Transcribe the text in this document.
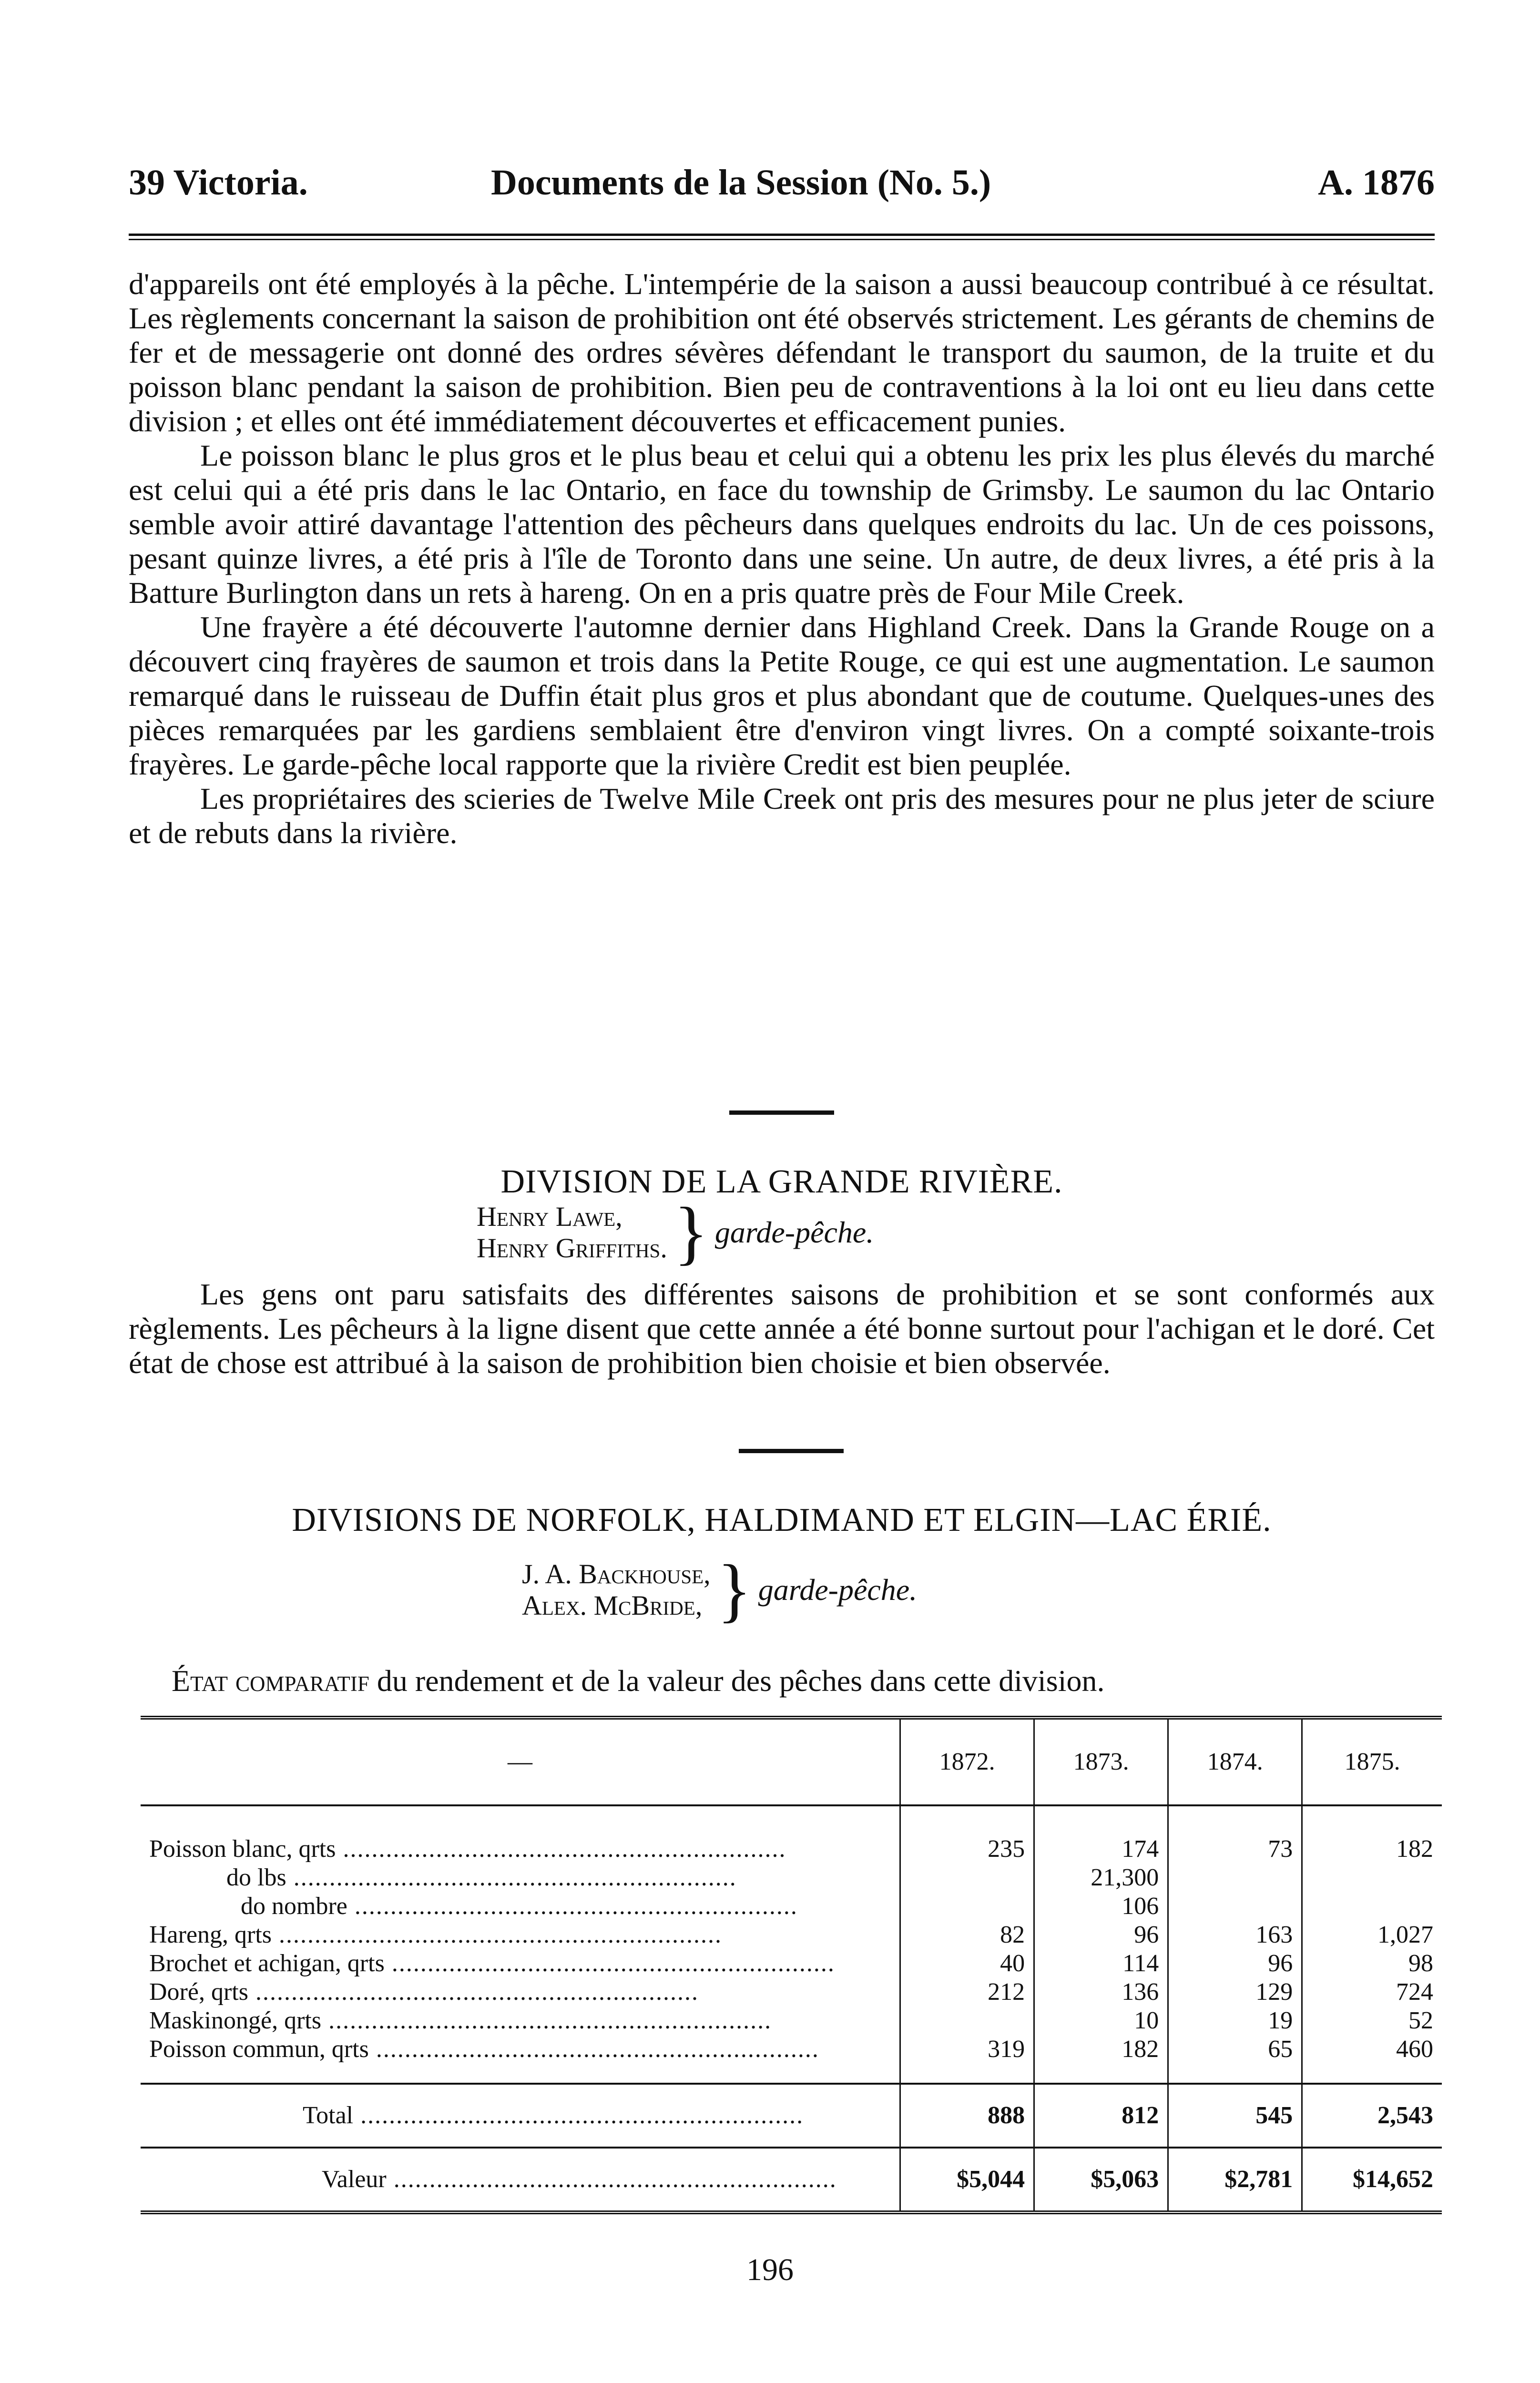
39 Victoria.	Documents de la Session (No. 5.)	A. 1876

d'appareils ont été employés à la pêche. L'intempérie de la saison a aussi beaucoup contribué à ce résultat. Les règlements concernant la saison de prohibition ont été observés strictement. Les gérants de chemins de fer et de messagerie ont donné des ordres sévères défendant le transport du saumon, de la truite et du poisson blanc pendant la saison de prohibition. Bien peu de contraventions à la loi ont eu lieu dans cette division ; et elles ont été immédiatement découvertes et efficacement punies.

Le poisson blanc le plus gros et le plus beau et celui qui a obtenu les prix les plus élevés du marché est celui qui a été pris dans le lac Ontario, en face du township de Grimsby. Le saumon du lac Ontario semble avoir attiré davantage l'attention des pêcheurs dans quelques endroits du lac. Un de ces poissons, pesant quinze livres, a été pris à l'île de Toronto dans une seine. Un autre, de deux livres, a été pris à la Batture Burlington dans un rets à hareng. On en a pris quatre près de Four Mile Creek.

Une frayère a été découverte l'automne dernier dans Highland Creek. Dans la Grande Rouge on a découvert cinq frayères de saumon et trois dans la Petite Rouge, ce qui est une augmentation. Le saumon remarqué dans le ruisseau de Duffin était plus gros et plus abondant que de coutume. Quelques-unes des pièces remarquées par les gardiens semblaient être d'environ vingt livres. On a compté soixante-trois frayères. Le garde-pêche local rapporte que la rivière Credit est bien peuplée.

Les propriétaires des scieries de Twelve Mile Creek ont pris des mesures pour ne plus jeter de sciure et de rebuts dans la rivière.

DIVISION DE LA GRANDE RIVIÈRE.
Henry Lawe,
Henry Griffiths. } garde-pêche.

Les gens ont paru satisfaits des différentes saisons de prohibition et se sont conformés aux règlements. Les pêcheurs à la ligne disent que cette année a été bonne surtout pour l'achigan et le doré. Cet état de chose est attribué à la saison de prohibition bien choisie et bien observée.

DIVISIONS DE NORFOLK, HALDIMAND ET ELGIN—LAC ÉRIÉ.
J. A. Backhouse,
Alex. McBride, } garde-pêche.
État comparatif du rendement et de la valeur des pêches dans cette division.
—	1872.	1873.	1874.	1875.

Poisson blanc, qrts .....	235	174	73	182

do lbs .....		21,300		

do nombre .....		106		

Hareng, qrts .....	82	96	163	1,027

Brochet et achigan, qrts .....	40	114	96	98

Doré, qrts .....	212	136	129	724

Maskinongé, qrts .....		10	19	52

Poisson commun, qrts .....	319	182	65	460

Total .....	888	812	545	2,543

Valeur .....	$5,044	$5,063	$2,781	$14,652
196
